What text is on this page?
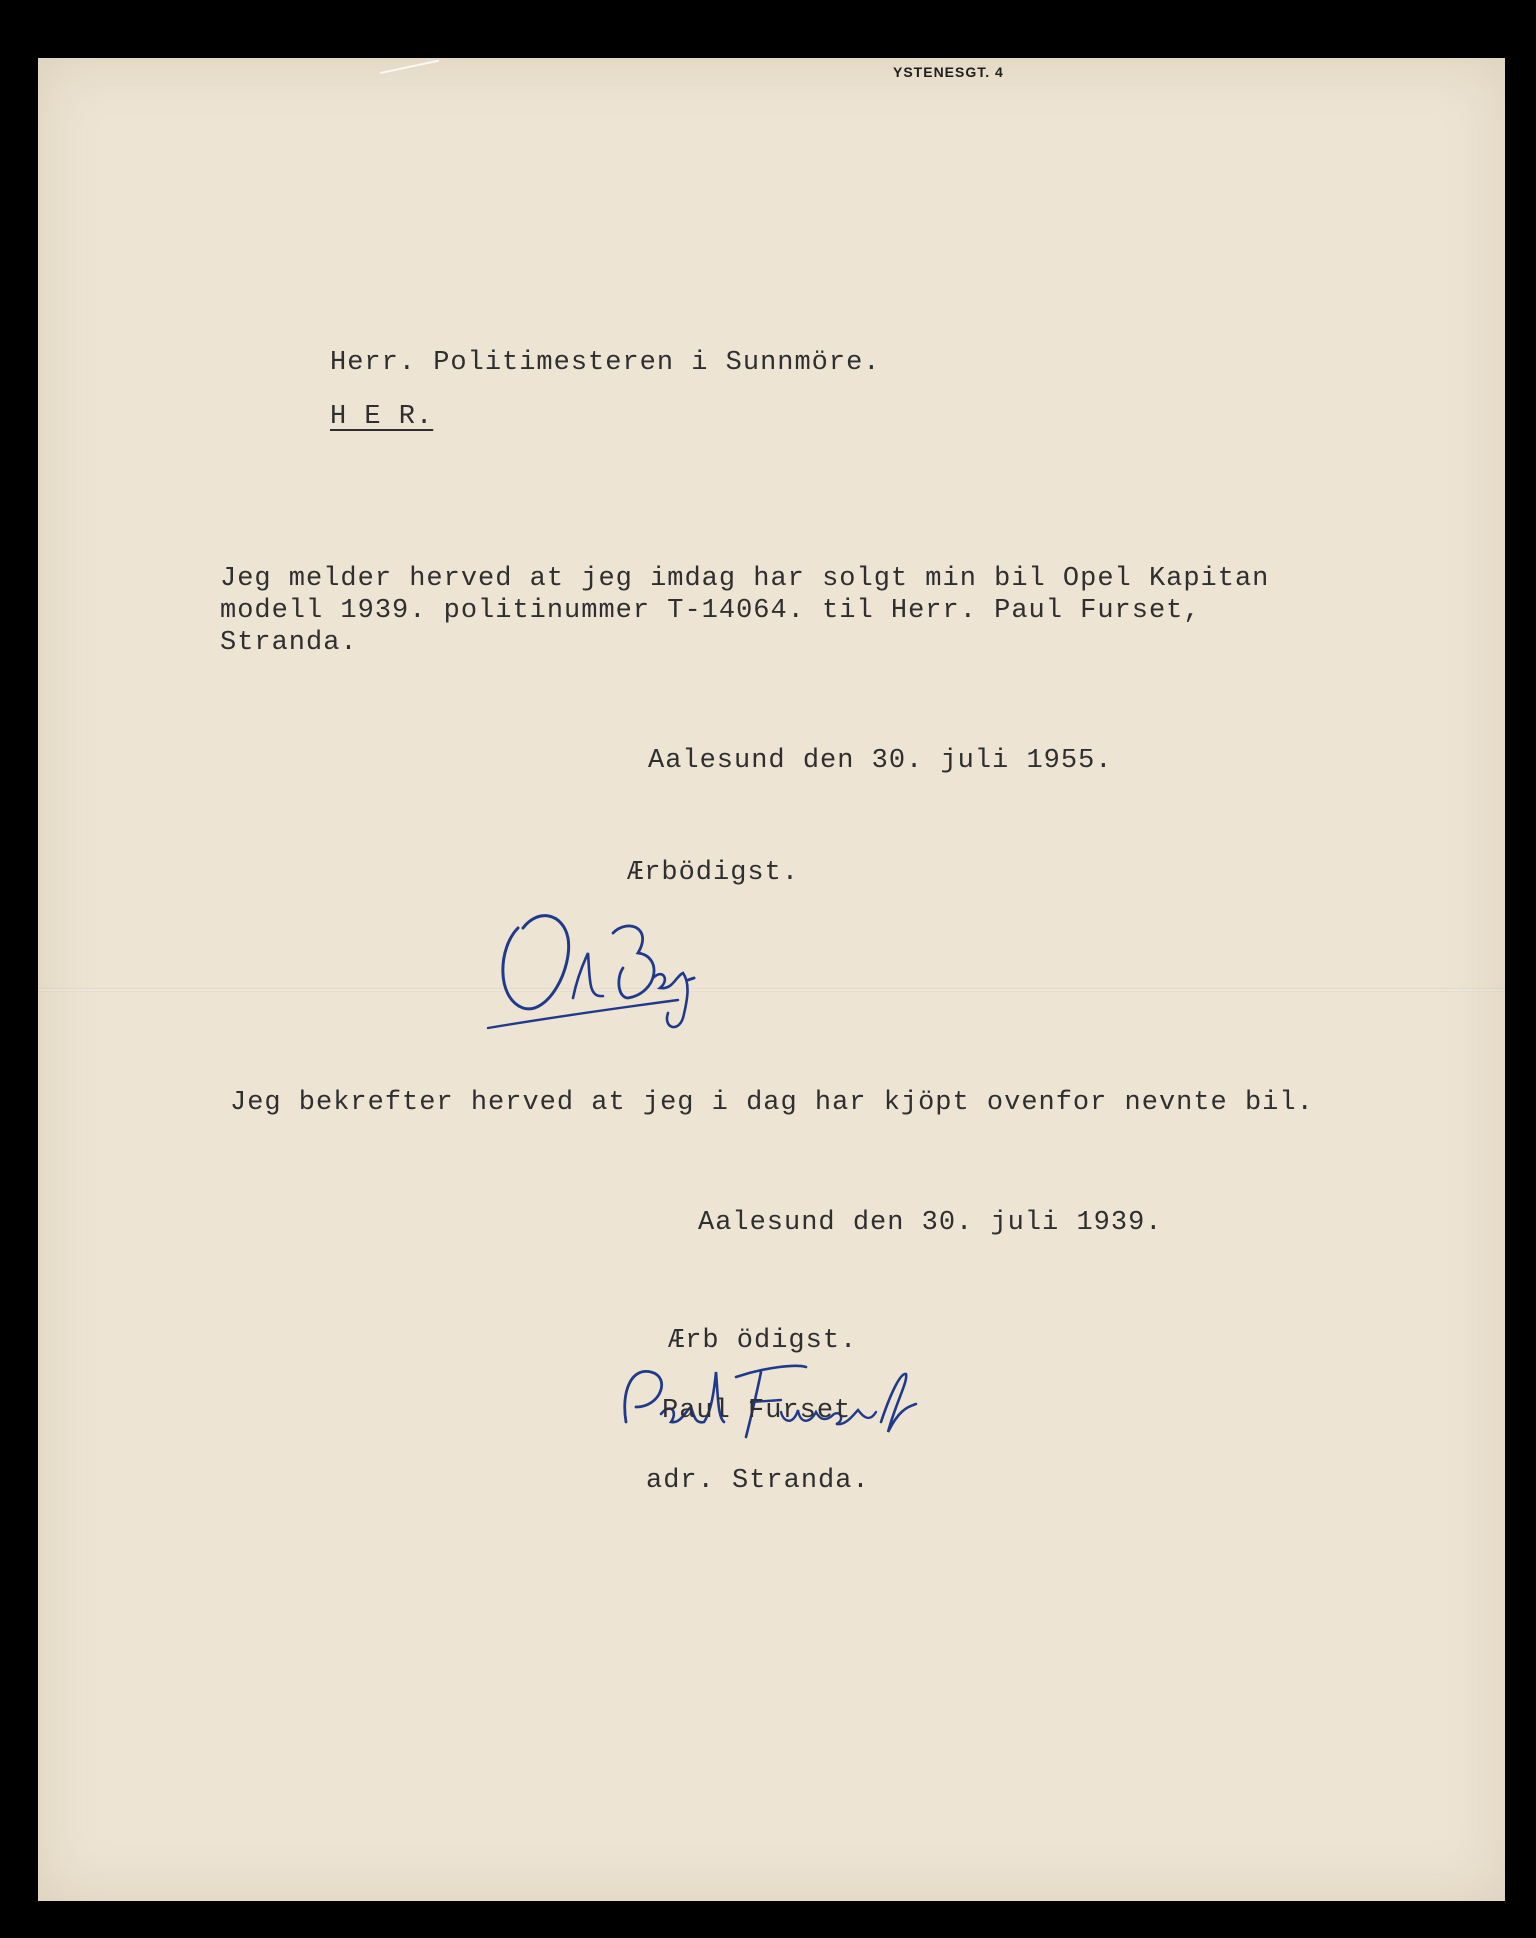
YSTENESGT. 4
Herr. Politimesteren i Sunnmöre.
H E R.
Jeg melder herved at jeg imdag har solgt min bil Opel Kapitan
modell 1939. politinummer T-14064. til Herr. Paul Furset,
Stranda.
Aalesund den 30. juli 1955.
Ærbödigst.
Jeg bekrefter herved at jeg i dag har kjöpt ovenfor nevnte bil.
Aalesund den 30. juli 1939.
Ærb ödigst.
Paul Furset
adr. Stranda.
